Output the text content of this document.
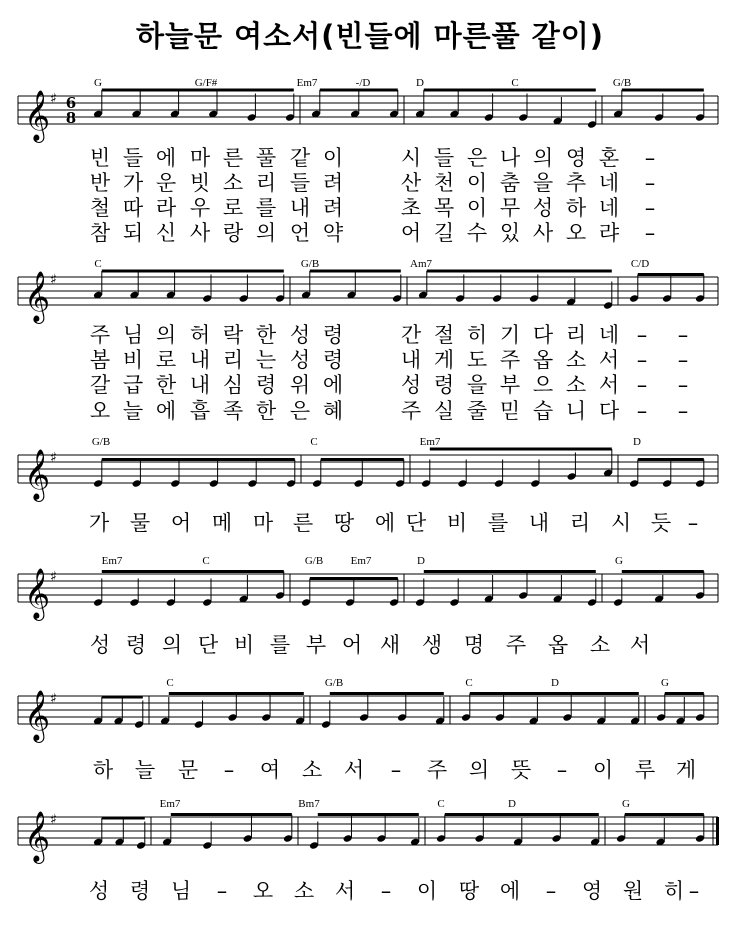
하늘문 여소서(빈들에 마른풀 같이)
𝄞 ♯ 6
8
G	G/F#	Em7	-/D	D	C	G/B
빈 들 에 마 른 풀 같 이	시 들 은 나 의 영 혼 –
반 가 운 빗 소 리 들 려	산 천 이 춤 을 추 네 –
철 따 라 우 로 를 내 려	초 목 이 무 성 하 네 –
참 되 신 사 랑 의 언 약	어 길 수 있 사 오 랴 –
𝄞 ♯
C	G/B	Am7	C/D
주 님 의 허 락 한 성 령	간 절 히 기 다 리 네 – –
봄 비 로 내 리 는 성 령	내 게 도 주 옵 소 서 – –
갈 급 한 내 심 령 위 에	성 령 을 부 으 소 서 – –
오 늘 에 흡 족 한 은 혜	주 실 줄 믿 습 니 다 – –
𝄞 ♯
G/B	C	Em7	D
가 물 어 메 마 른 땅 에 단 비 를 내 리 시 듯 –
𝄞 ♯
Em7	C	G/B Em7	D	G
성 령 의 단 비 를 부 어 새 생 명 주 옵 소 서
𝄞 ♯
C	G/B	C	D	G
하 늘 문 – 여 소 서 – 주 의 뜻 – 이 루 게
𝄞 ♯
Em7	Bm7	C	D	G
성 령 님 – 오 소 서 – 이 땅 에 – 영 원 히 –
